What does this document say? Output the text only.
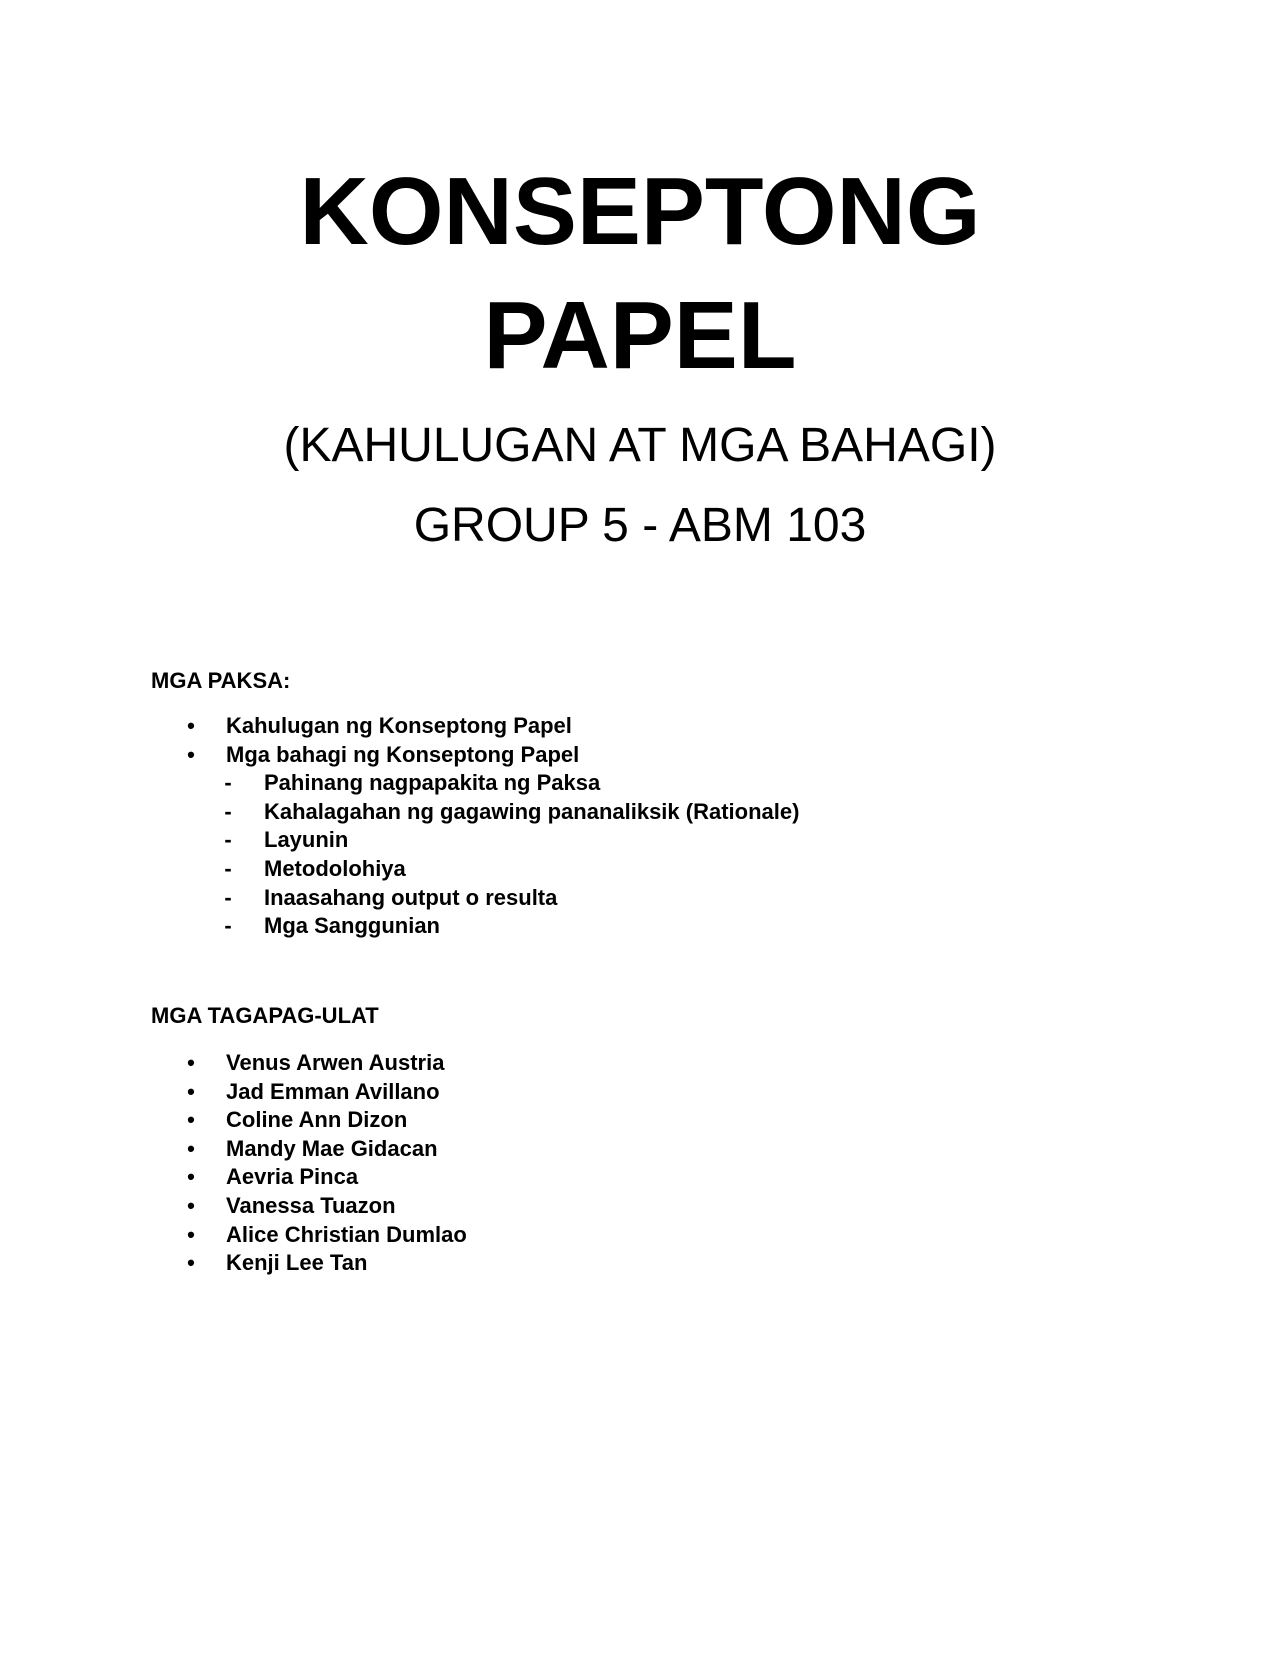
KONSEPTONG
PAPEL
(KAHULUGAN AT MGA BAHAGI)
GROUP 5 - ABM 103

MGA PAKSA:

• Kahulugan ng Konseptong Papel
• Mga bahagi ng Konseptong Papel
- Pahinang nagpapakita ng Paksa
- Kahalagahan ng gagawing pananaliksik (Rationale)
- Layunin
- Metodolohiya
- Inaasahang output o resulta
- Mga Sanggunian

MGA TAGAPAG-ULAT

• Venus Arwen Austria
• Jad Emman Avillano
• Coline Ann Dizon
• Mandy Mae Gidacan
• Aevria Pinca
• Vanessa Tuazon
• Alice Christian Dumlao
• Kenji Lee Tan
